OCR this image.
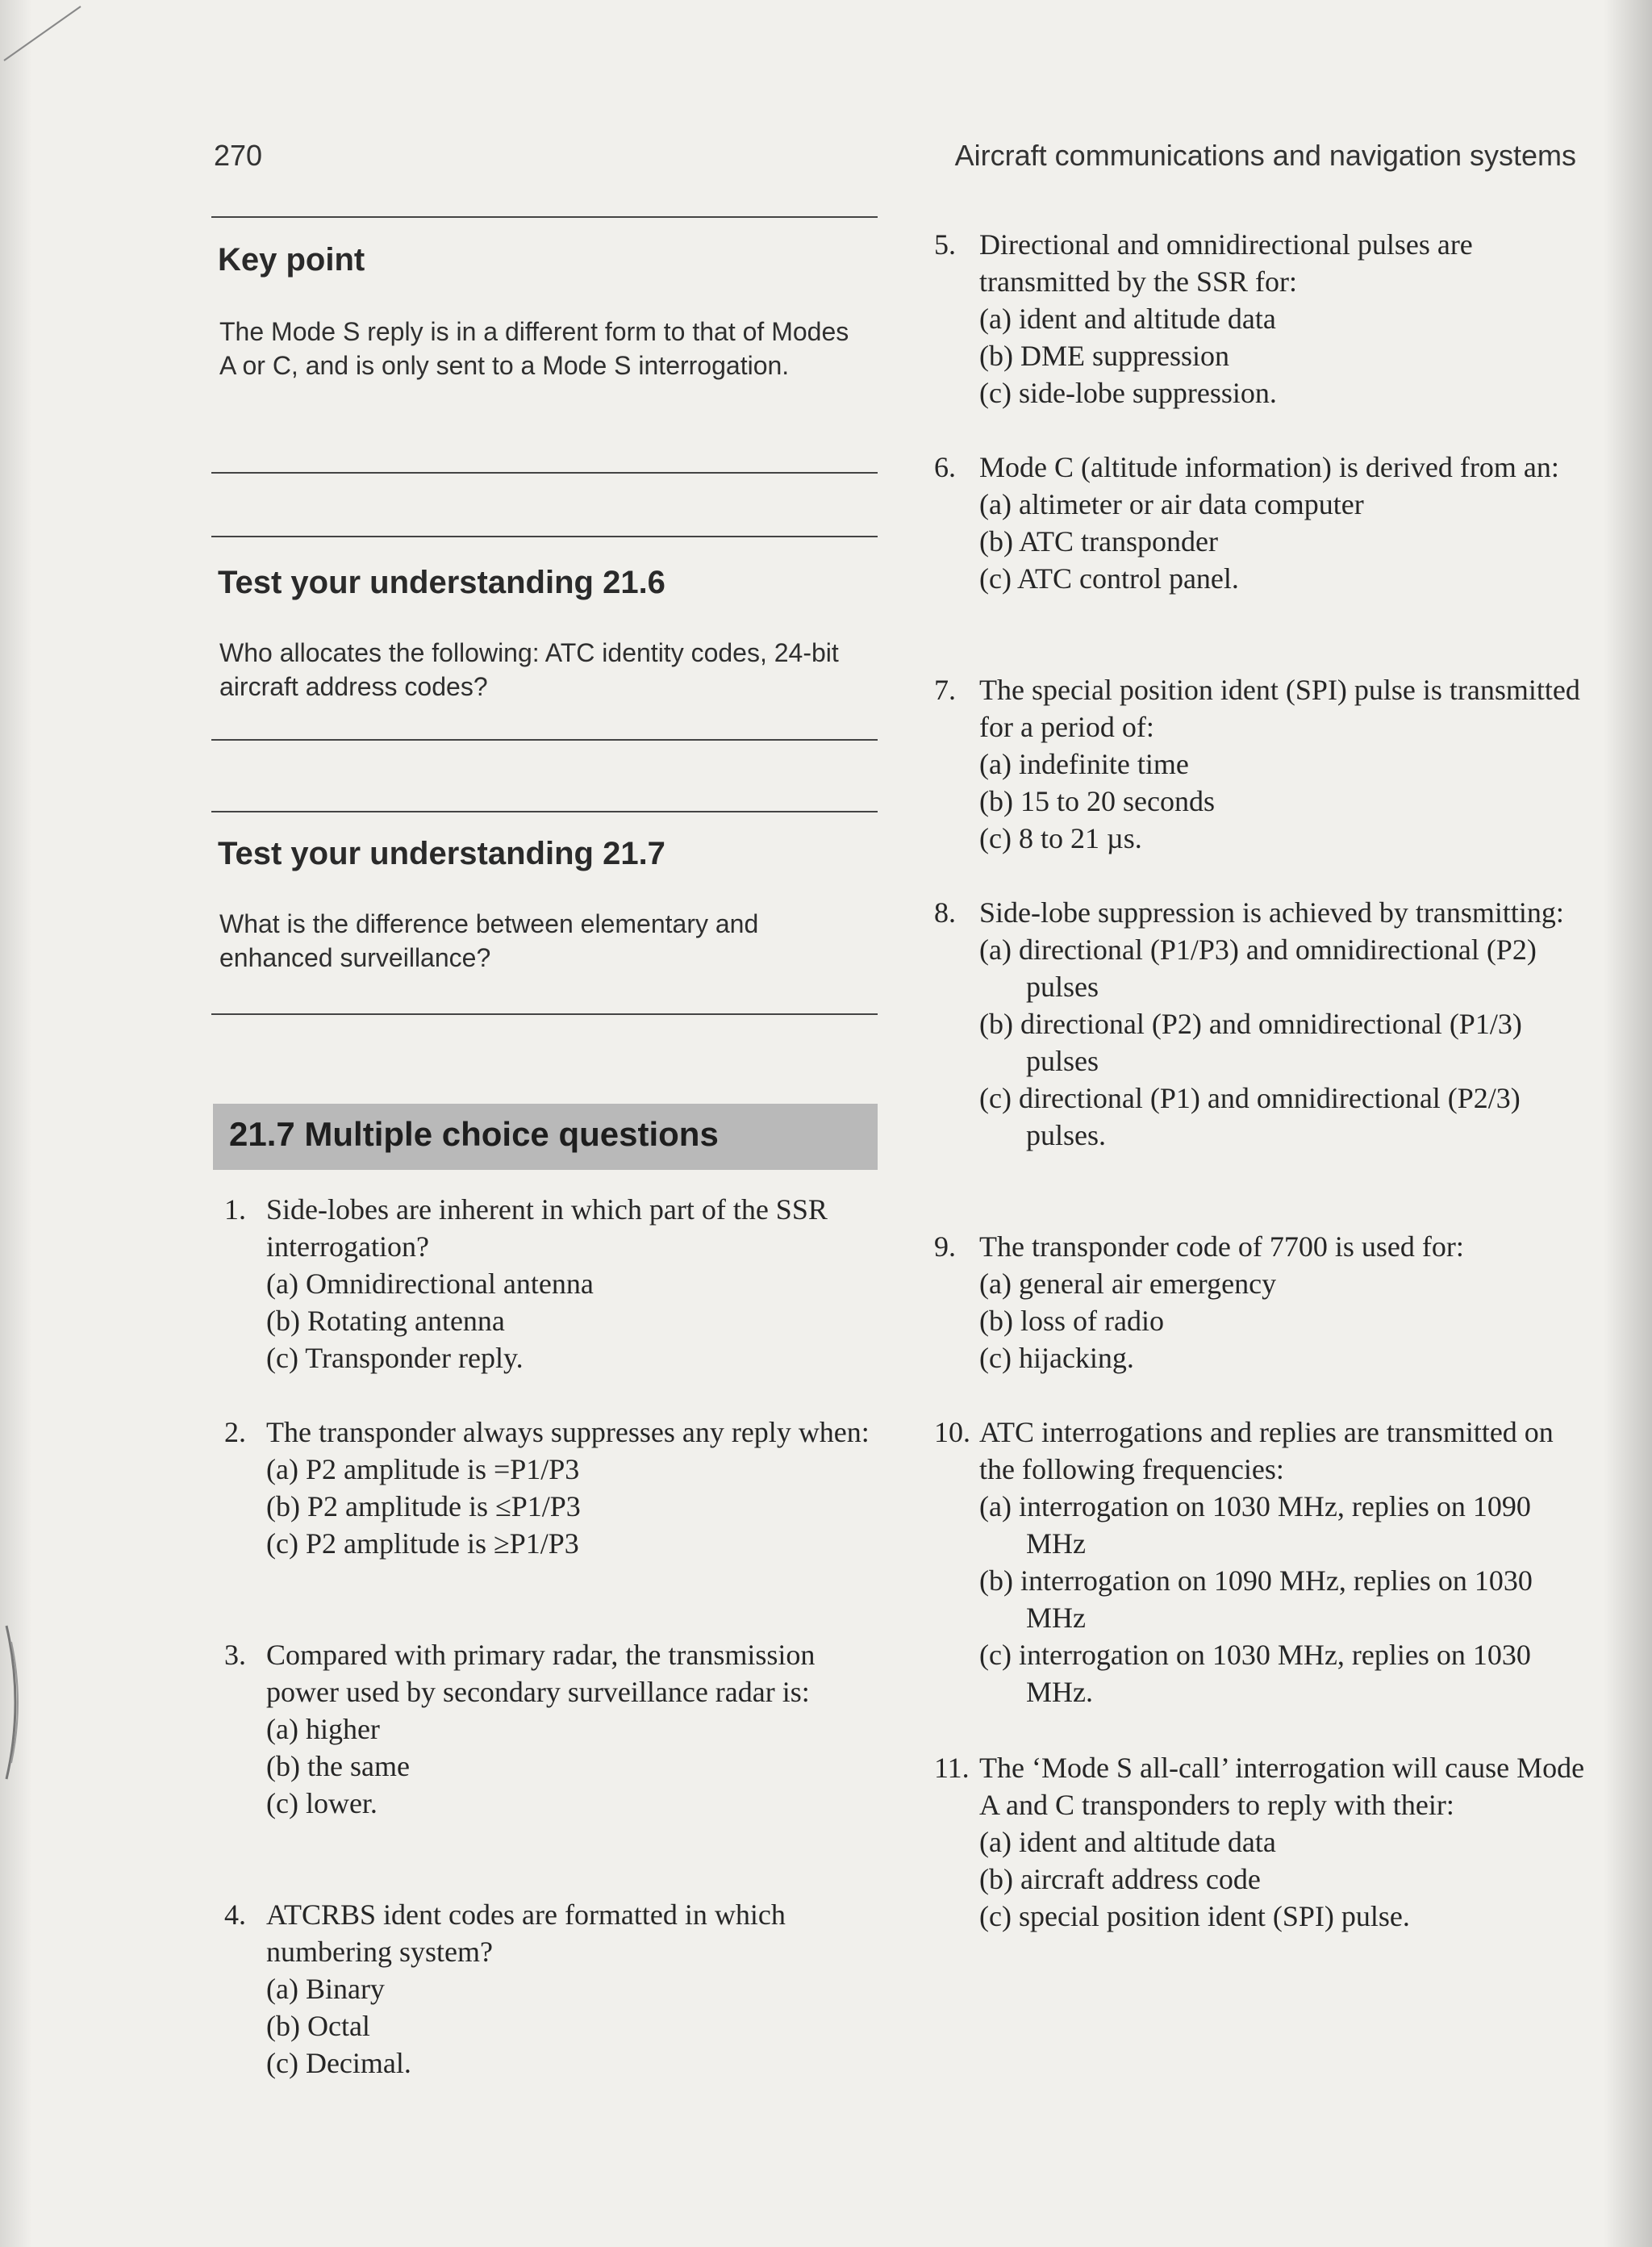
270	Aircraft communications and navigation systems
Key point
The Mode S reply is in a different form to that of Modes A or C, and is only sent to a Mode S interrogation.
Test your understanding 21.6
Who allocates the following: ATC identity codes, 24-bit aircraft address codes?
Test your understanding 21.7
What is the difference between elementary and enhanced surveillance?
21.7 Multiple choice questions
1. Side-lobes are inherent in which part of the SSR interrogation?
(a) Omnidirectional antenna
(b) Rotating antenna
(c) Transponder reply.
2. The transponder always suppresses any reply when:
(a) P2 amplitude is =P1/P3
(b) P2 amplitude is ≤P1/P3
(c) P2 amplitude is ≥P1/P3
3. Compared with primary radar, the transmission power used by secondary surveillance radar is:
(a) higher
(b) the same
(c) lower.
4. ATCRBS ident codes are formatted in which numbering system?
(a) Binary
(b) Octal
(c) Decimal.
5. Directional and omnidirectional pulses are transmitted by the SSR for:
(a) ident and altitude data
(b) DME suppression
(c) side-lobe suppression.
6. Mode C (altitude information) is derived from an:
(a) altimeter or air data computer
(b) ATC transponder
(c) ATC control panel.
7. The special position ident (SPI) pulse is transmitted for a period of:
(a) indefinite time
(b) 15 to 20 seconds
(c) 8 to 21 µs.
8. Side-lobe suppression is achieved by transmitting:
(a) directional (P1/P3) and omnidirectional (P2) pulses
(b) directional (P2) and omnidirectional (P1/3) pulses
(c) directional (P1) and omnidirectional (P2/3) pulses.
9. The transponder code of 7700 is used for:
(a) general air emergency
(b) loss of radio
(c) hijacking.
10. ATC interrogations and replies are transmitted on the following frequencies:
(a) interrogation on 1030 MHz, replies on 1090 MHz
(b) interrogation on 1090 MHz, replies on 1030 MHz
(c) interrogation on 1030 MHz, replies on 1030 MHz.
11. The ‘Mode S all-call’ interrogation will cause Mode A and C transponders to reply with their:
(a) ident and altitude data
(b) aircraft address code
(c) special position ident (SPI) pulse.
